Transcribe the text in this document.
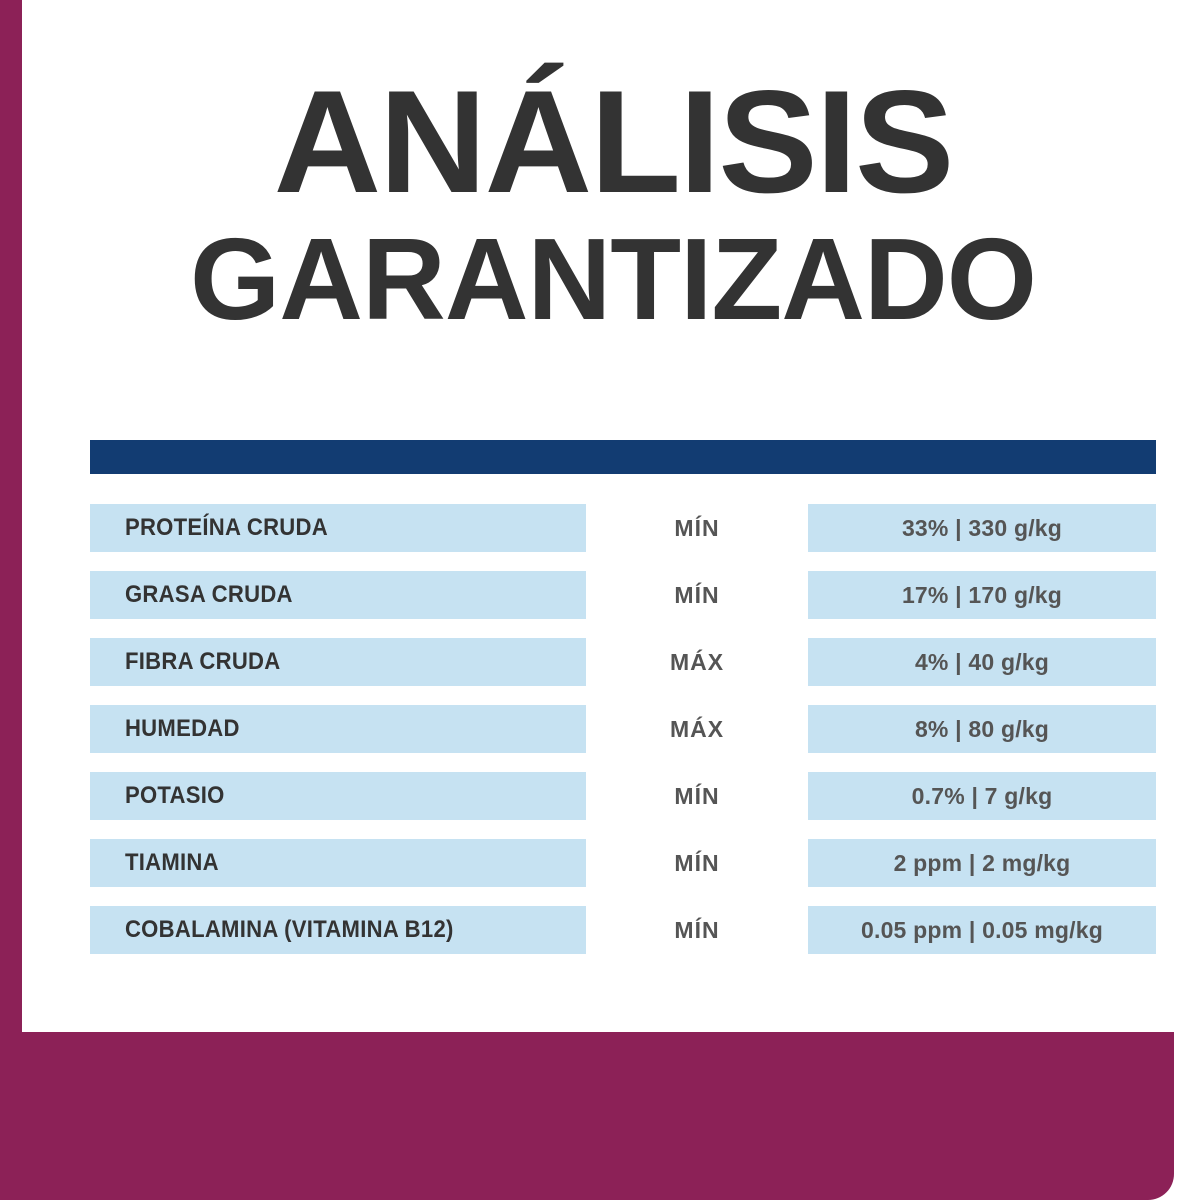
ANÁLISIS
GARANTIZADO
PROTEÍNA CRUDA	MÍN	33% | 330 g/kg
GRASA CRUDA	MÍN	17% | 170 g/kg
FIBRA CRUDA	MÁX	4% | 40 g/kg
HUMEDAD	MÁX	8% | 80 g/kg
POTASIO	MÍN	0.7% | 7 g/kg
TIAMINA	MÍN	2 ppm | 2 mg/kg
COBALAMINA (VITAMINA B12)	MÍN	0.05 ppm | 0.05 mg/kg
